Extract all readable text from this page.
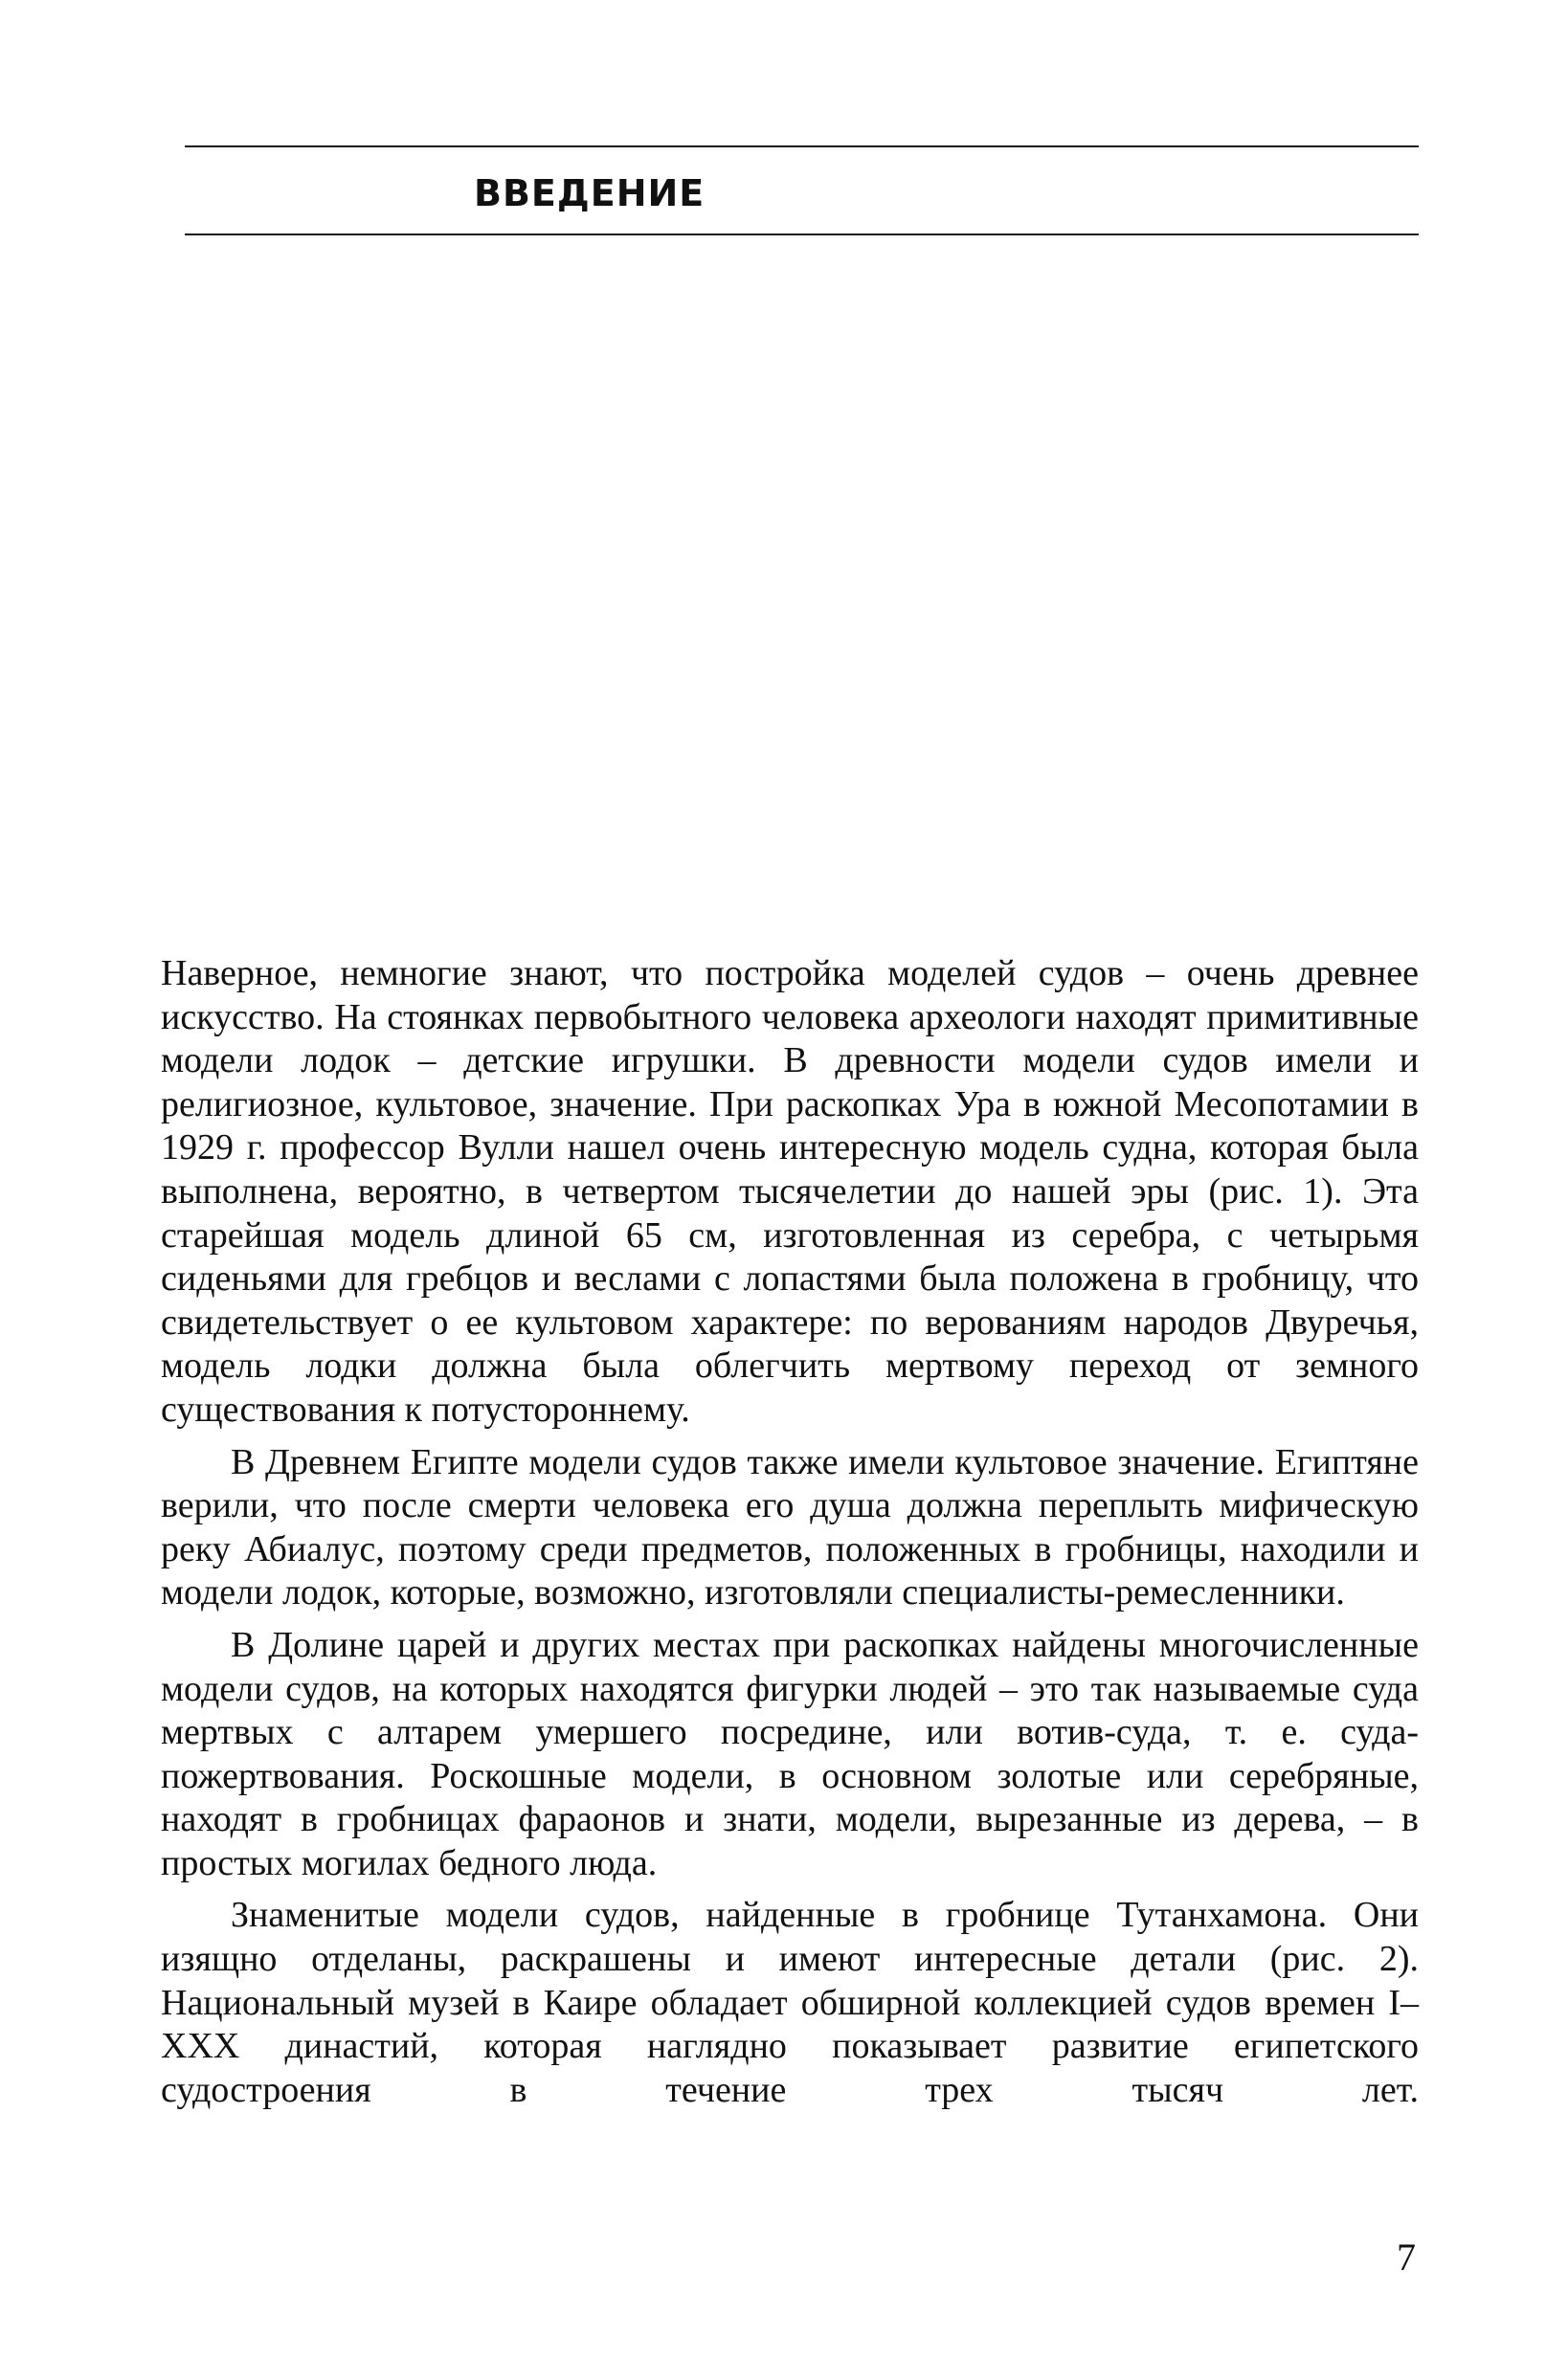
ВВЕДЕНИЕ

Наверное, немногие знают, что постройка моделей судов – очень древнее искусство. На стоянках первобытного человека археологи находят примитивные модели лодок – детские игрушки. В древности модели судов имели и религиозное, культовое, значение. При раскопках Ура в южной Месопотамии в 1929 г. профессор Вулли нашел очень интересную модель судна, которая была выполнена, вероятно, в четвертом тысячелетии до нашей эры (рис. 1). Эта старейшая модель длиной 65 см, изготовленная из серебра, с четырьмя сиденьями для гребцов и веслами с лопастями была положена в гробницу, что свидетельствует о ее культовом характере: по верованиям народов Двуречья, модель лодки должна была облегчить мертвому переход от земного существования к потустороннему.

В Древнем Египте модели судов также имели культовое значение. Египтяне верили, что после смерти человека его душа должна переплыть мифическую реку Абиалус, поэтому среди предметов, положенных в гробницы, находили и модели лодок, которые, возможно, изготовляли специалисты-ремесленники.

В Долине царей и других местах при раскопках найдены многочисленные модели судов, на которых находятся фигурки людей – это так называемые суда мертвых с алтарем умершего посредине, или вотив-суда, т. е. суда-пожертвования. Роскошные модели, в основном золотые или серебряные, находят в гробницах фараонов и знати, модели, вырезанные из дерева, – в простых могилах бедного люда.

Знаменитые модели судов, найденные в гробнице Тутанхамона. Они изящно отделаны, раскрашены и имеют интересные детали (рис. 2). Национальный музей в Каире обладает обширной коллекцией судов времен I–XXX династий, которая наглядно показывает развитие египетского судостроения в течение трех тысяч лет.

7
